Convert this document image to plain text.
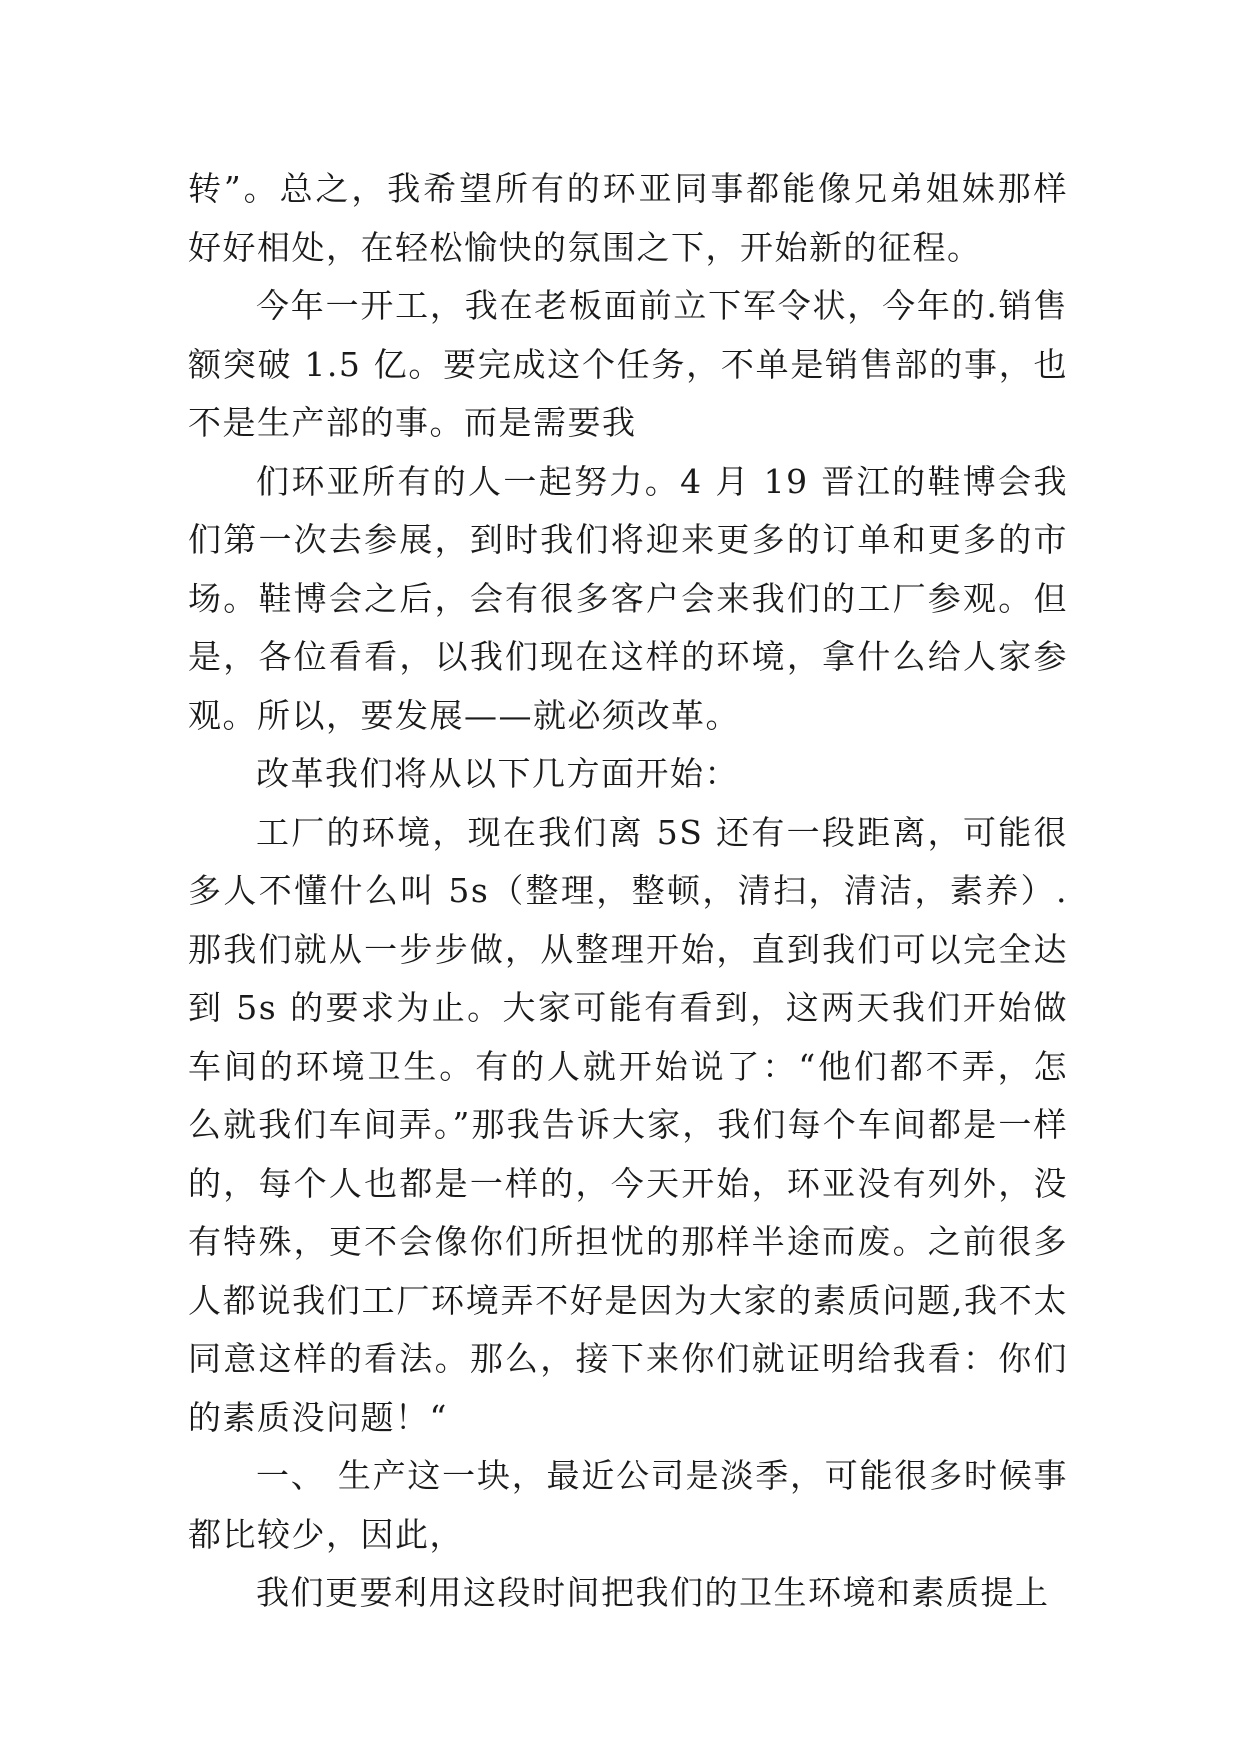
转”。总之，我希望所有的环亚同事都能像兄弟姐妹那样好好相处，在轻松愉快的氛围之下，开始新的征程。

今年一开工，我在老板面前立下军令状，今年的.销售额突破 1.5 亿。要完成这个任务，不单是销售部的事，也不是生产部的事。而是需要我

们环亚所有的人一起努力。4 月 19 晋江的鞋博会我们第一次去参展，到时我们将迎来更多的订单和更多的市场。鞋博会之后，会有很多客户会来我们的工厂参观。但是，各位看看，以我们现在这样的环境，拿什么给人家参观。所以，要发展——就必须改革。

改革我们将从以下几方面开始：

工厂的环境，现在我们离 5S 还有一段距离，可能很多人不懂什么叫 5s（整理，整顿，清扫，清洁，素养）.那我们就从一步步做，从整理开始，直到我们可以完全达到 5s 的要求为止。大家可能有看到，这两天我们开始做车间的环境卫生。有的人就开始说了：“他们都不弄，怎么就我们车间弄。”那我告诉大家，我们每个车间都是一样的，每个人也都是一样的，今天开始，环亚没有列外，没有特殊，更不会像你们所担忧的那样半途而废。之前很多人都说我们工厂环境弄不好是因为大家的素质问题,我不太同意这样的看法。那么，接下来你们就证明给我看：你们的素质没问题！“

一、 生产这一块，最近公司是淡季，可能很多时候事都比较少，因此，

我们更要利用这段时间把我们的卫生环境和素质提上
